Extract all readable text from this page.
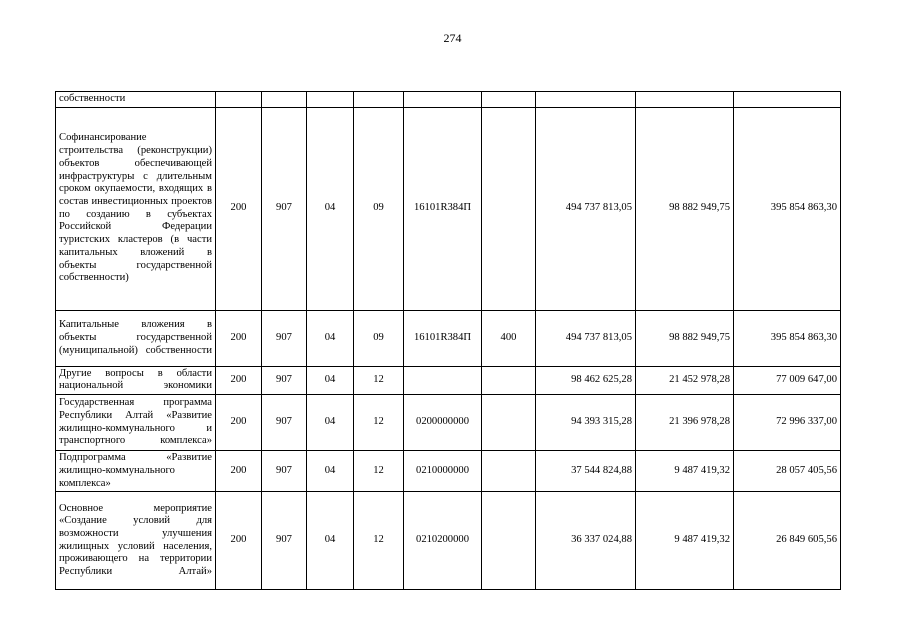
274
собственности									
Софинансирование строительства (реконструкции) объектов обеспечивающей инфраструктуры с длительным сроком окупаемости, входящих в состав инвестиционных проектов по созданию в субъектах Российской Федерации туристских кластеров (в части капитальных вложений в объекты государственной собственности)	200	907	04	09	16101R384П		494 737 813,05	98 882 949,75	395 854 863,30
Капитальные вложения в объекты государственной (муниципальной) собственности	200	907	04	09	16101R384П	400	494 737 813,05	98 882 949,75	395 854 863,30
Другие вопросы в области национальной экономики	200	907	04	12			98 462 625,28	21 452 978,28	77 009 647,00
Государственная программа Республики Алтай «Развитие жилищно-коммунального и транспортного комплекса»	200	907	04	12	0200000000		94 393 315,28	21 396 978,28	72 996 337,00
Подпрограмма «Развитие жилищно-коммунального комплекса»	200	907	04	12	0210000000		37 544 824,88	9 487 419,32	28 057 405,56
Основное мероприятие «Создание условий для возможности улучшения жилищных условий населения, проживающего на территории Республики Алтай»	200	907	04	12	0210200000		36 337 024,88	9 487 419,32	26 849 605,56
